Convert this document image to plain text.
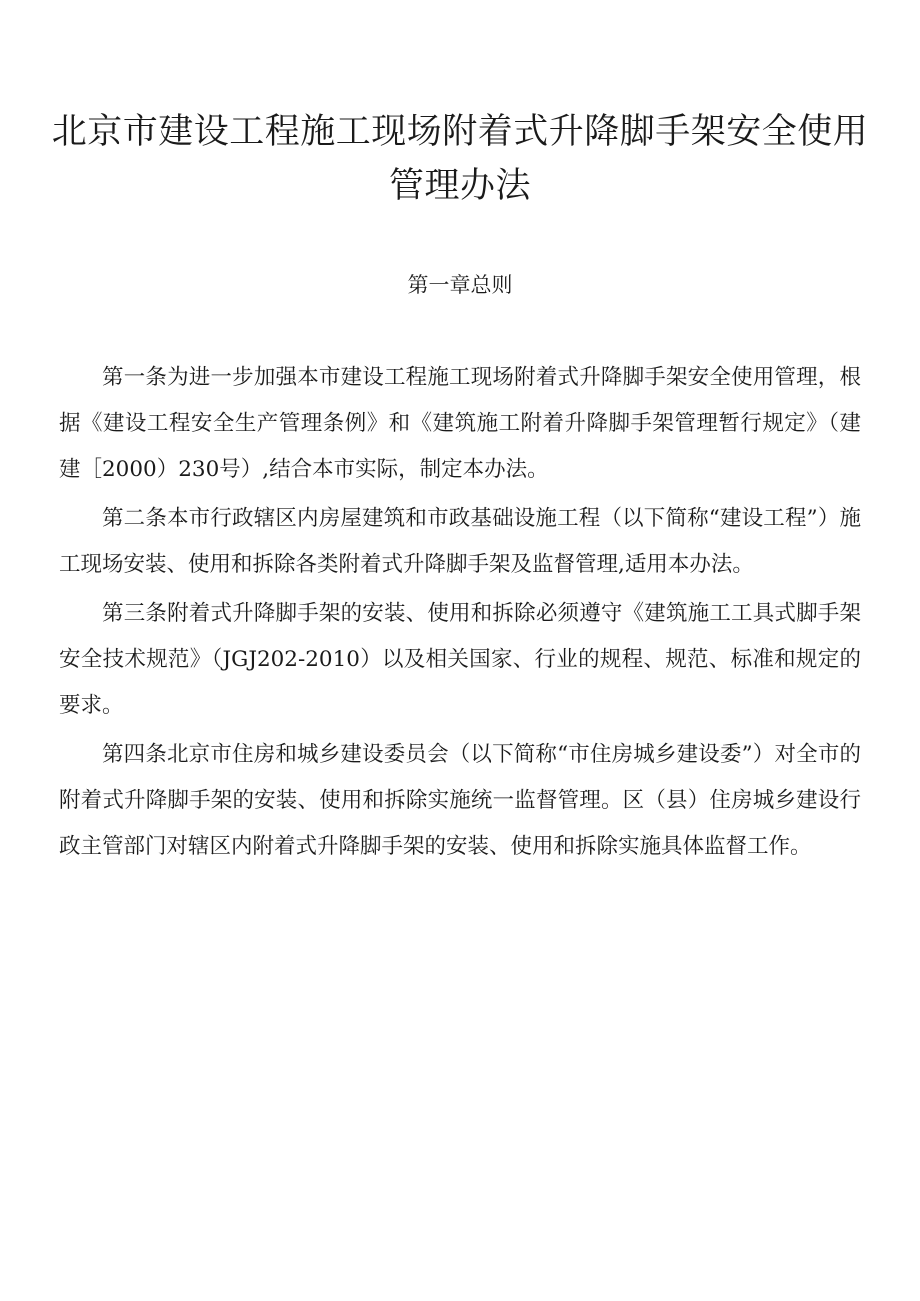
北京市建设工程施工现场附着式升降脚手架安全使用管理办法
第一章总则

第一条为进一步加强本市建设工程施工现场附着式升降脚手架安全使用管理，根据《建设工程安全生产管理条例》和《建筑施工附着升降脚手架管理暂行规定》（建建［2000）230号）,结合本市实际，制定本办法。

第二条本市行政辖区内房屋建筑和市政基础设施工程（以下简称“建设工程”）施工现场安装、使用和拆除各类附着式升降脚手架及监督管理,适用本办法。

第三条附着式升降脚手架的安装、使用和拆除必须遵守《建筑施工工具式脚手架安全技术规范》（JGJ202-2010）以及相关国家、行业的规程、规范、标准和规定的要求。

第四条北京市住房和城乡建设委员会（以下简称“市住房城乡建设委”）对全市的附着式升降脚手架的安装、使用和拆除实施统一监督管理。区（县）住房城乡建设行政主管部门对辖区内附着式升降脚手架的安装、使用和拆除实施具体监督工作。
